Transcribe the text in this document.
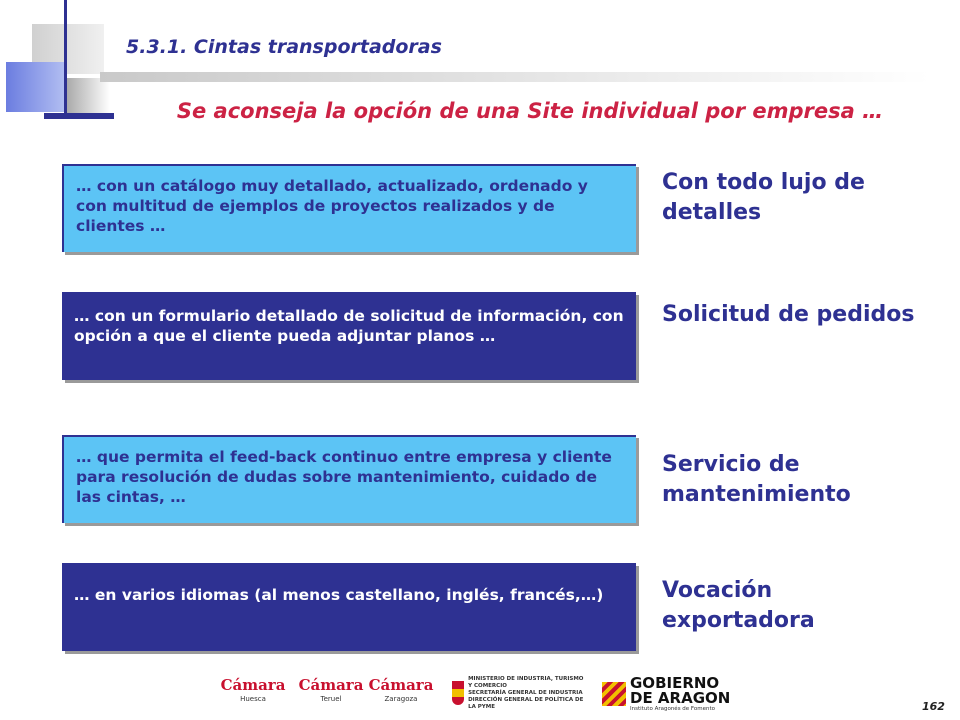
5.3.1. Cintas transportadoras
Se aconseja la opción de una Site individual por empresa …
… con un catálogo muy detallado, actualizado, ordenado y con multitud de ejemplos de proyectos realizados y de clientes …
Con todo lujo de detalles
… con un formulario detallado de solicitud de información, con opción a que el cliente pueda adjuntar planos …
Solicitud de pedidos
… que permita el feed-back continuo entre empresa y cliente para resolución de dudas sobre mantenimiento, cuidado de las cintas, …
Servicio de mantenimiento
… en varios idiomas (al menos castellano, inglés, francés,…)	Vocación exportadora
Cámara
Huesca
Cámara
Teruel
Cámara
Zaragoza
MINISTERIO DE INDUSTRIA, TURISMO Y COMERCIO
SECRETARÍA GENERAL DE INDUSTRIA
DIRECCIÓN GENERAL DE POLÍTICA DE LA PYME
GOBIERNO
DE ARAGON
Instituto Aragonés de Fomento	162
